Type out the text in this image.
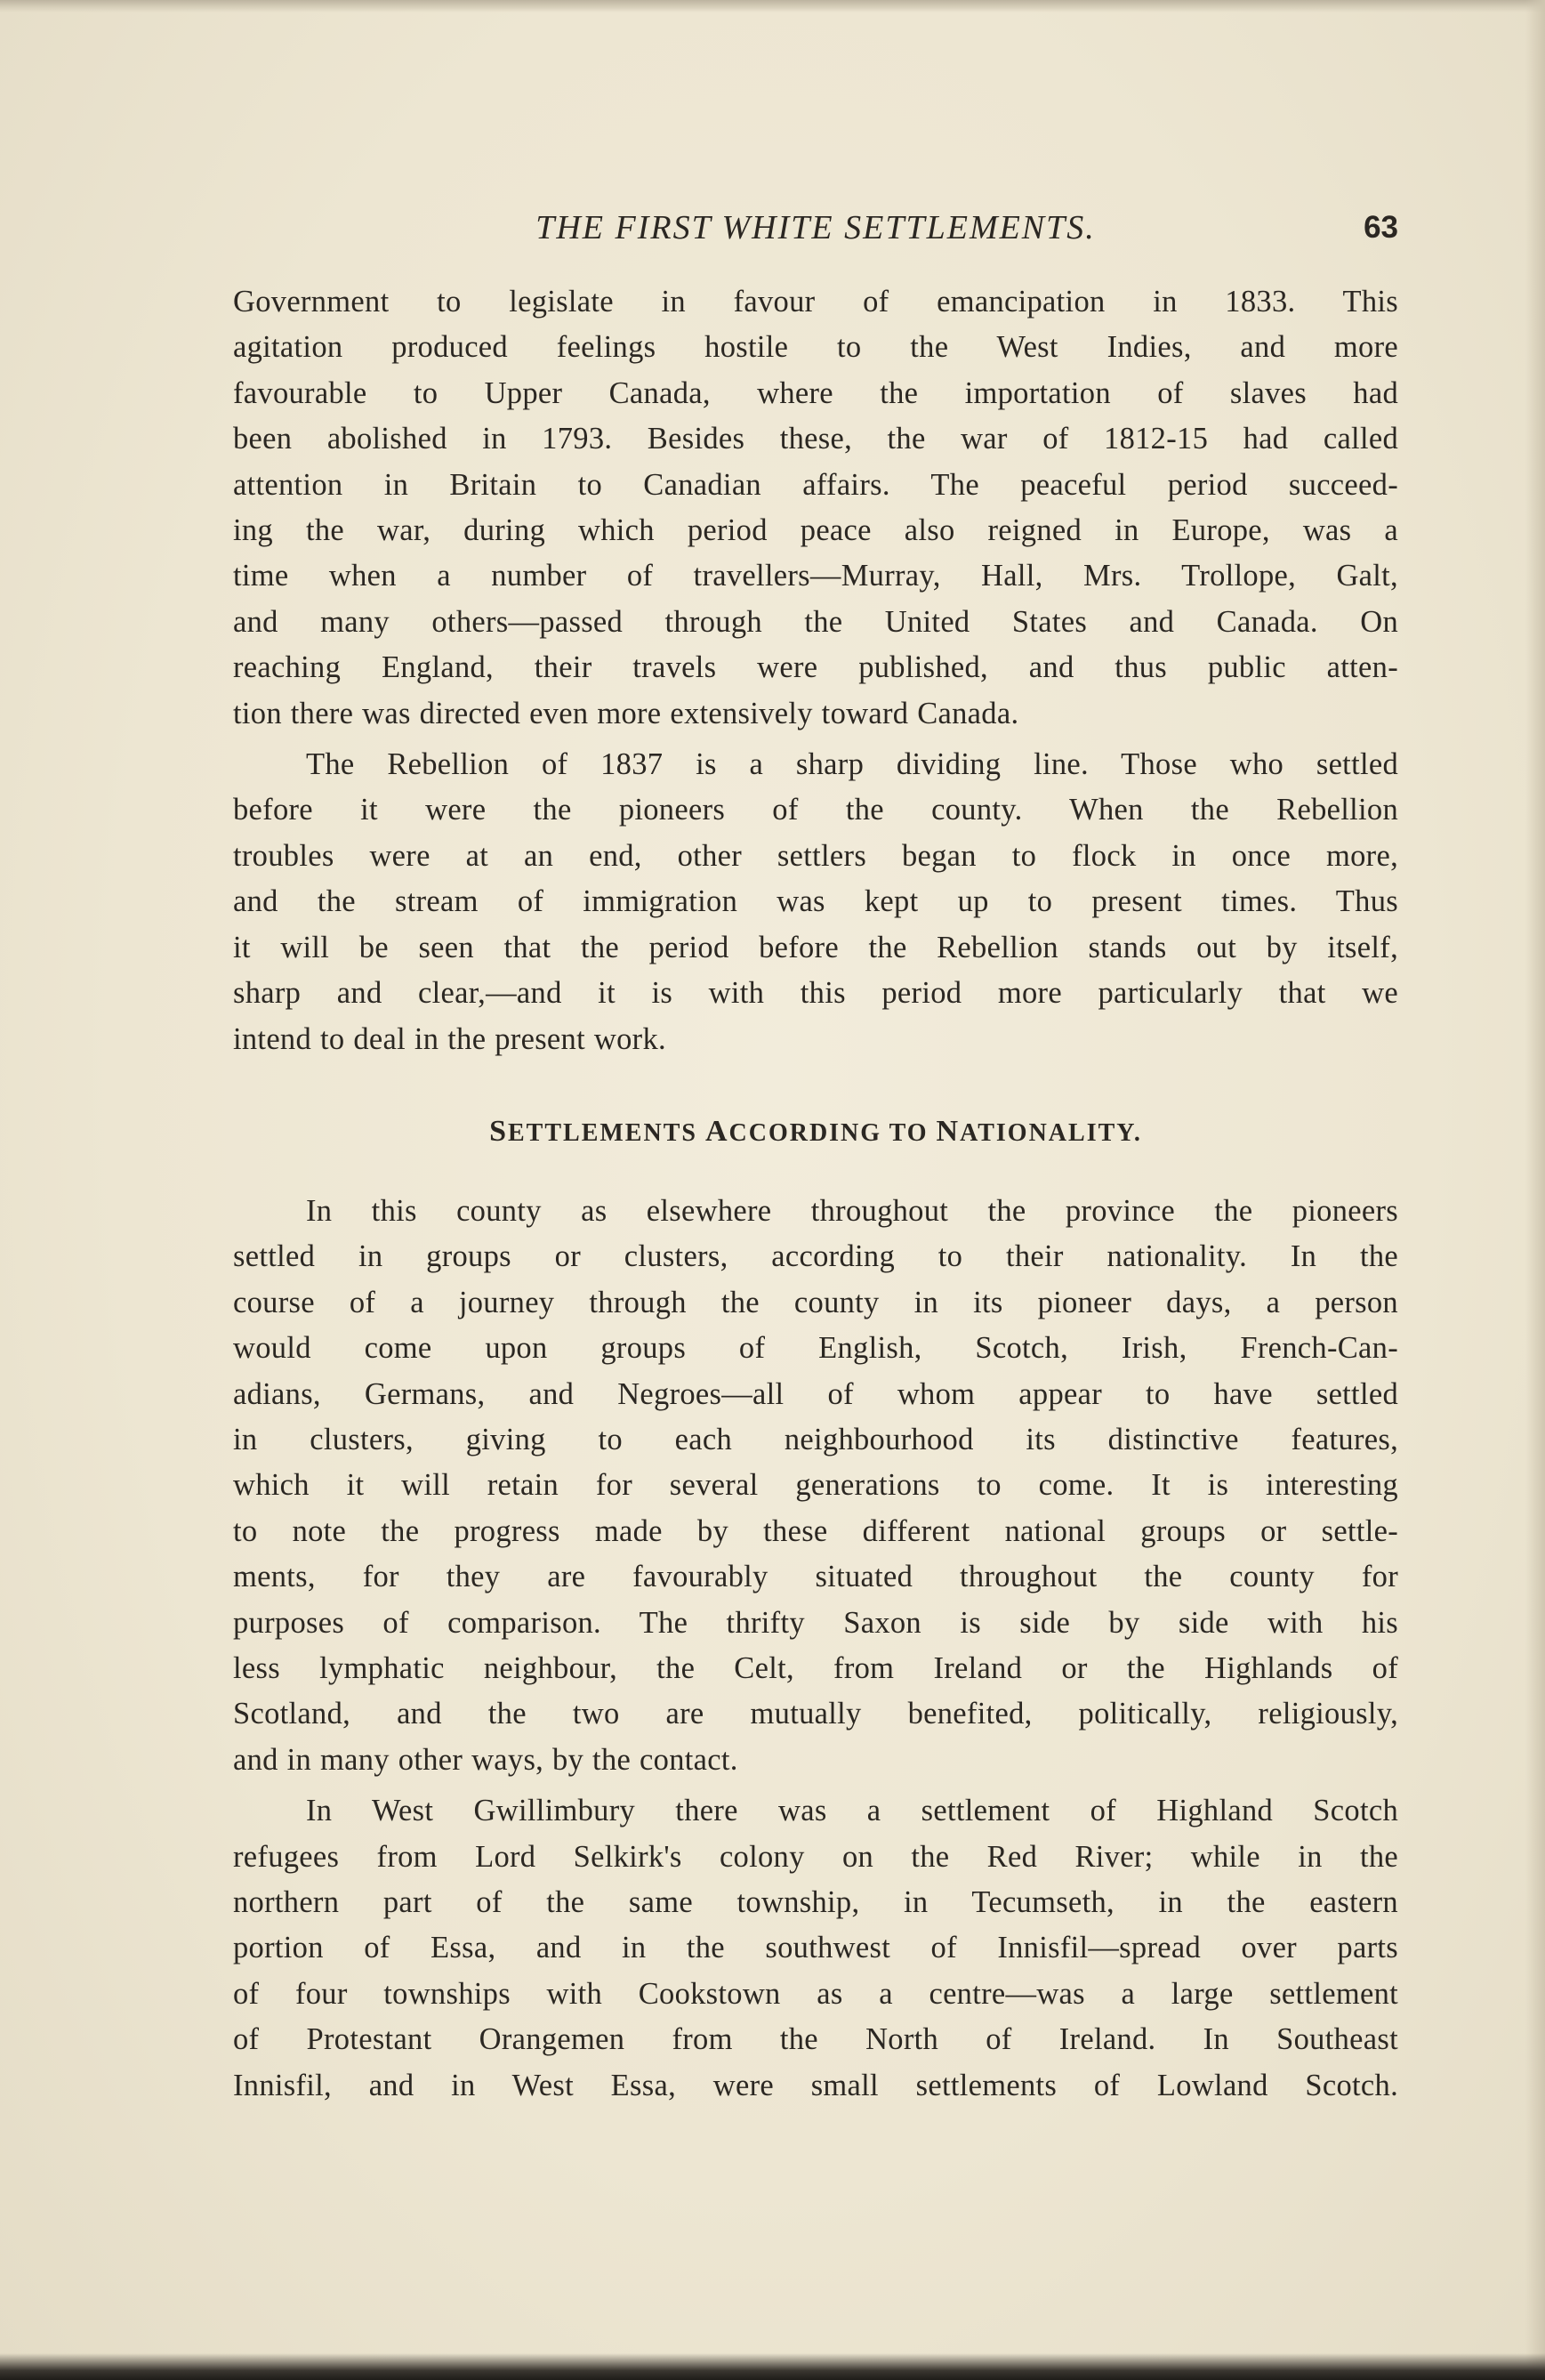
THE FIRST WHITE SETTLEMENTS.	63

Government to legislate in favour of emancipation in 1833. This

agitation produced feelings hostile to the West Indies, and more

favourable to Upper Canada, where the importation of slaves had

been abolished in 1793. Besides these, the war of 1812-15 had called

attention in Britain to Canadian affairs. The peaceful period succeed-

ing the war, during which period peace also reigned in Europe, was a

time when a number of travellers—Murray, Hall, Mrs. Trollope, Galt,

and many others—passed through the United States and Canada. On

reaching England, their travels were published, and thus public atten-

tion there was directed even more extensively toward Canada.

The Rebellion of 1837 is a sharp dividing line. Those who settled

before it were the pioneers of the county. When the Rebellion

troubles were at an end, other settlers began to flock in once more,

and the stream of immigration was kept up to present times. Thus

it will be seen that the period before the Rebellion stands out by itself,

sharp and clear,—and it is with this period more particularly that we

intend to deal in the present work.

SETTLEMENTS ACCORDING TO NATIONALITY.

In this county as elsewhere throughout the province the pioneers

settled in groups or clusters, according to their nationality. In the

course of a journey through the county in its pioneer days, a person

would come upon groups of English, Scotch, Irish, French-Can-

adians, Germans, and Negroes—all of whom appear to have settled

in clusters, giving to each neighbourhood its distinctive features,

which it will retain for several generations to come. It is interesting

to note the progress made by these different national groups or settle-

ments, for they are favourably situated throughout the county for

purposes of comparison. The thrifty Saxon is side by side with his

less lymphatic neighbour, the Celt, from Ireland or the Highlands of

Scotland, and the two are mutually benefited, politically, religiously,

and in many other ways, by the contact.

In West Gwillimbury there was a settlement of Highland Scotch

refugees from Lord Selkirk's colony on the Red River; while in the

northern part of the same township, in Tecumseth, in the eastern

portion of Essa, and in the southwest of Innisfil—spread over parts

of four townships with Cookstown as a centre—was a large settlement

of Protestant Orangemen from the North of Ireland. In Southeast

Innisfil, and in West Essa, were small settlements of Lowland Scotch.
